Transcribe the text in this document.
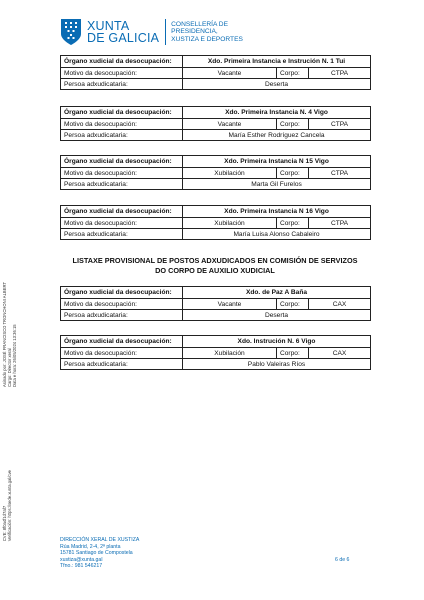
XUNTA
DE GALICIA
CONSELLERÍA DE
PRESIDENCIA,
XUSTIZA E DEPORTES
Órgano xudicial da desocupación:	Xdo. Primeira Instancia e Instrución N. 1 Tui		
Motivo da desocupación:	Vacante	Corpo:	CTPA
Persoa adxudicataria:	Deserta		
Órgano xudicial da desocupación:	Xdo. Primeira Instancia N. 4 Vigo		
Motivo da desocupación:	Vacante	Corpo:	CTPA
Persoa adxudicataria:	María Esther Rodríguez Cancela		
Órgano xudicial da desocupación:	Xdo. Primeira Instancia N 15 Vigo		
Motivo da desocupación:	Xubilación	Corpo:	CTPA
Persoa adxudicataria:	Marta Gil Furelos		
Órgano xudicial da desocupación:	Xdo. Primeira Instancia N 16 Vigo		
Motivo da desocupación:	Xubilación	Corpo:	CTPA
Persoa adxudicataria:	María Luisa Alonso Cabaleiro		
LISTAXE PROVISIONAL DE POSTOS ADXUDICADOS EN COMISIÓN DE SERVIZOS
DO CORPO DE AUXILIO XUDICIAL
Órgano xudicial da desocupación:	Xdo. de Paz A Baña		
Motivo da desocupación:	Vacante	Corpo:	CAX
Persoa adxudicataria:	Deserta		
Órgano xudicial da desocupación:	Xdo. Instrución N. 6 Vigo		
Motivo da desocupación:	Xubilación	Corpo:	CAX
Persoa adxudicataria:	Pablo Valeiras Ríos		
Asinado por: JOSÉ FRANCISCO TRONCHONI ALBERT
Cargo: Director xeral
Data e hora: 26/05/2024 13:36:15
CVE: 8f0a4f1d7af7
Verificación: https://sede.xunta.gal/cve	DIRECCIÓN XERAL DE XUSTIZA
Rúa Madrid, 2-4, 2ª planta
15781 Santiago de Compostela
xustiza@xunta.gal
Tfno.: 981 546217
6 de 6
